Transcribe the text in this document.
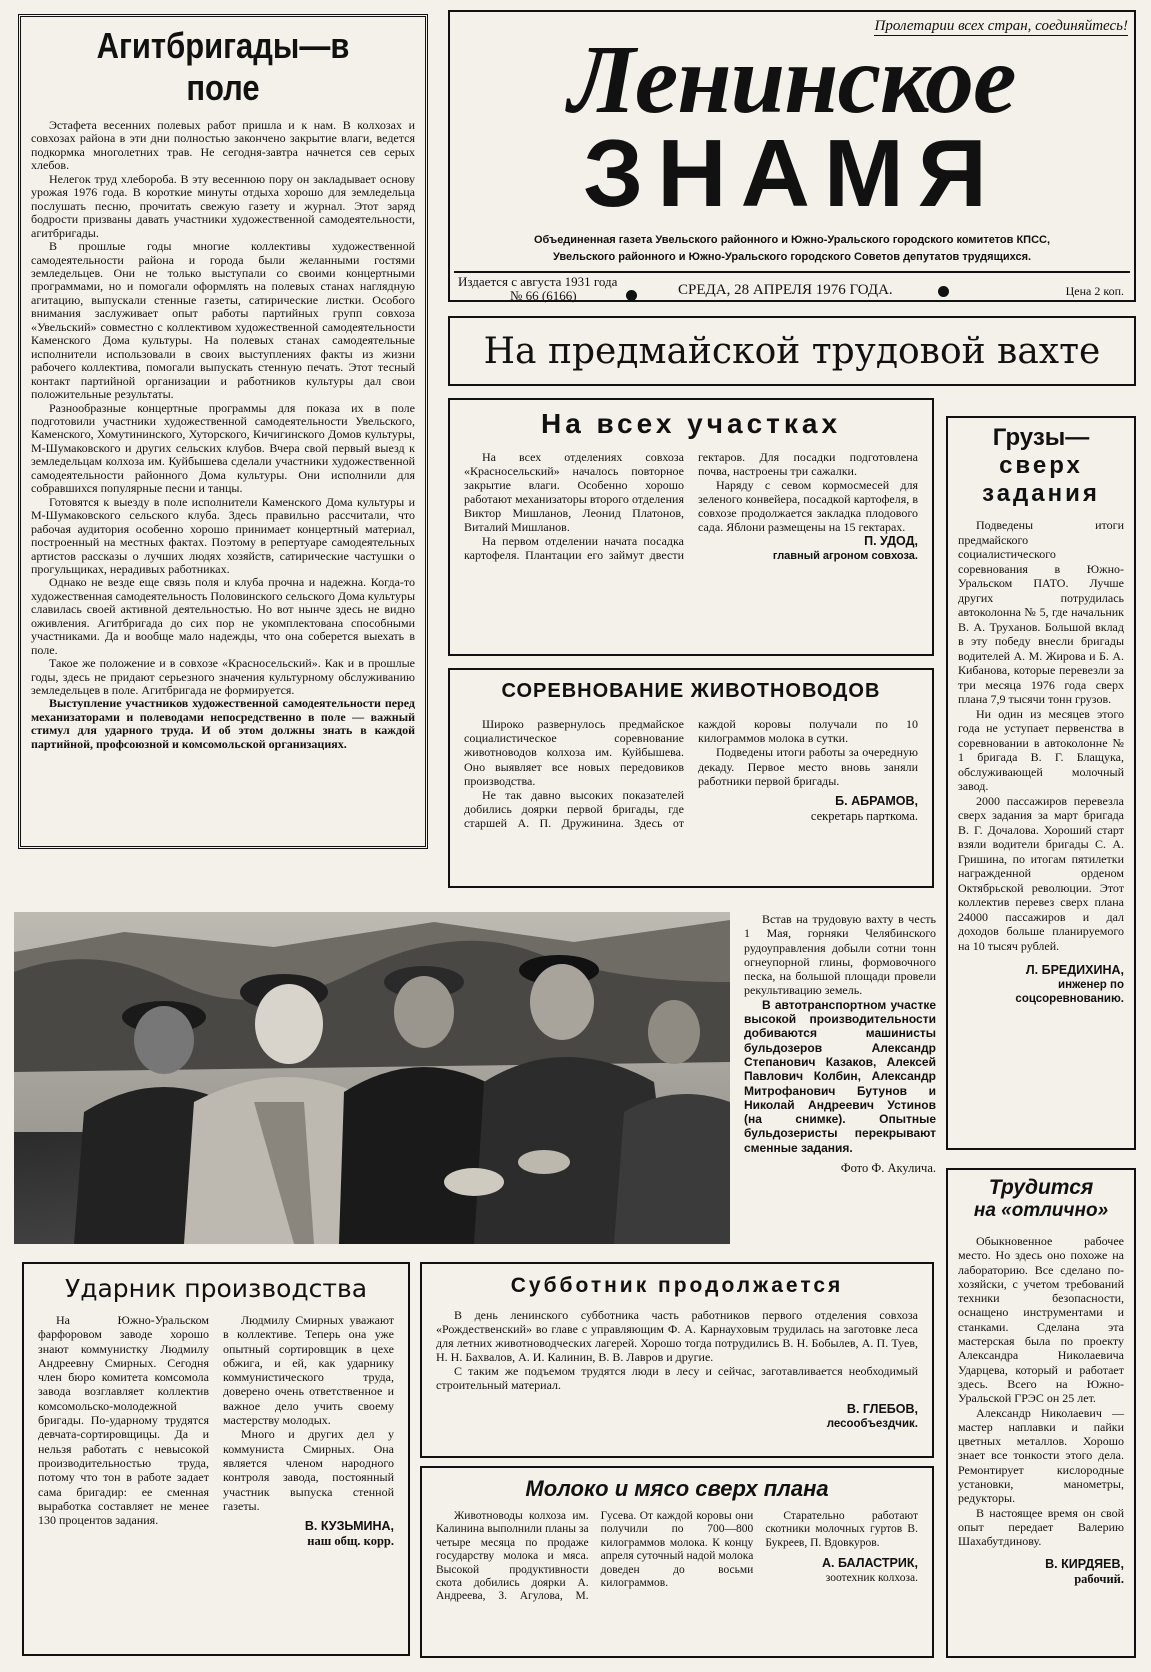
Агитбригады—в поле

Эстафета весенних полевых работ пришла и к нам. В колхозах и совхозах района в эти дни полностью закончено закрытие влаги, ведется подкормка многолетних трав. Не сегодня-завтра начнется сев серых хлебов.

Нелегок труд хлебороба. В эту весеннюю пору он закладывает основу урожая 1976 года. В короткие минуты отдыха хорошо для земледельца послушать песню, прочитать свежую газету и журнал. Этот заряд бодрости призваны давать участники художественной самодеятельности, агитбригады.

В прошлые годы многие коллективы художественной самодеятельности района и города были желанными гостями земледельцев. Они не только выступали со своими концертными программами, но и помогали оформлять на полевых станах наглядную агитацию, выпускали стенные газеты, сатирические листки. Особого внимания заслуживает опыт работы партийных групп совхоза «Увельский» совместно с коллективом художественной самодеятельности Каменского Дома культуры. На полевых станах самодеятельные исполнители использовали в своих выступлениях факты из жизни рабочего коллектива, помогали выпускать стенную печать. Этот тесный контакт партийной организации и работников культуры дал свои положительные результаты.

Разнообразные концертные программы для показа их в поле подготовили участники художественной самодеятельности Увельского, Каменского, Хомутининского, Хуторского, Кичигинского Домов культуры, М-Шумаковского и других сельских клубов. Вчера свой первый выезд к земледельцам колхоза им. Куйбышева сделали участники художественной самодеятельности районного Дома культуры. Они исполнили для собравшихся популярные песни и танцы.

Готовятся к выезду в поле исполнители Каменского Дома культуры и М-Шумаковского сельского клуба. Здесь правильно рассчитали, что рабочая аудитория особенно хорошо принимает концертный материал, построенный на местных фактах. Поэтому в репертуаре самодеятельных артистов рассказы о лучших людях хозяйств, сатирические частушки о прогульщиках, нерадивых работниках.

Однако не везде еще связь поля и клуба прочна и надежна. Когда-то художественная самодеятельность Половинского сельского Дома культуры славилась своей активной деятельностью. Но вот нынче здесь не видно оживления. Агитбригада до сих пор не укомплектована способными участниками. Да и вообще мало надежды, что она соберется выехать в поле.

Такое же положение и в совхозе «Красносельский». Как и в прошлые годы, здесь не придают серьезного значения культурному обслуживанию земледельцев в поле. Агитбригада не формируется.

Выступление участников художественной самодеятельности перед механизаторами и полеводами непосредственно в поле — важный стимул для ударного труда. И об этом должны знать в каждой партийной, профсоюзной и комсомольской организациях.

Пролетарии всех стран, соединяйтесь!
Ленинское
ЗНАМЯ
Объединенная газета Увельского районного и Южно-Уральского городского комитетов КПСС,
Увельского районного и Южно-Уральского городского Советов депутатов трудящихся.
Издается с августа 1931 года
№ 66 (6166)	СРЕДА, 28 АПРЕЛЯ 1976 ГОДА.	Цена 2 коп.
На предмайской трудовой вахте
На всех участках

На всех отделениях совхоза «Красносельский» началось повторное закрытие влаги. Особенно хорошо работают механизаторы второго отделения Виктор Мишланов, Леонид Платонов, Виталий Мишланов.

На первом отделении начата посадка картофеля. Плантации его займут двести гектаров. Для посадки подготовлена почва, настроены три сажалки.

Наряду с севом кормосмесей для зеленого конвейера, посадкой картофеля, в совхозе продолжается закладка плодового сада. Яблони размещены на 15 гектарах.

П. УДОД,
главный агроном совхоза.
СОРЕВНОВАНИЕ ЖИВОТНОВОДОВ

Широко развернулось предмайское социалистическое соревнование животноводов колхоза им. Куйбышева. Оно выявляет все новых передовиков производства.

Не так давно высоких показателей добились доярки первой бригады, где старшей А. П. Дружинина. Здесь от каждой коровы получали по 10 килограммов молока в сутки.

Подведены итоги работы за очередную декаду. Первое место вновь заняли работники первой бригады.

Б. АБРАМОВ,
секретарь парткома.
Грузы—
сверх
задания

Подведены итоги предмайского социалистического соревнования в Южно-Уральском ПАТО. Лучше других потрудилась автоколонна № 5, где начальник В. А. Труханов. Большой вклад в эту победу внесли бригады водителей А. М. Жирова и Б. А. Кибанова, которые перевезли за три месяца 1976 года сверх плана 7,9 тысячи тонн грузов.

Ни один из месяцев этого года не уступает первенства в соревновании в автоколонне № 1 бригада В. Г. Блащука, обслуживающей молочный завод.

2000 пассажиров перевезла сверх задания за март бригада В. Г. Дочалова. Хороший старт взяли водители бригады С. А. Гришина, по итогам пятилетки награжденной орденом Октябрьской революции. Этот коллектив перевез сверх плана 24000 пассажиров и дал доходов больше планируемого на 10 тысяч рублей.

Л. БРЕДИХИНА,
инженер по соцсоревнованию.

Встав на трудовую вахту в честь 1 Мая, горняки Челябинского рудоуправления добыли сотни тонн огнеупорной глины, формовочного песка, на большой площади провели рекультивацию земель.

В автотранспортном участке высокой производительности добиваются машинисты бульдозеров Александр Степанович Казаков, Алексей Павлович Колбин, Александр Митрофанович Бутунов и Николай Андреевич Устинов (на снимке). Опытные бульдозеристы перекрывают сменные задания.

Фото Ф. Акулича.
Ударник производства

На Южно-Уральском фарфоровом заводе хорошо знают коммунистку Людмилу Андреевну Смирных. Сегодня член бюро комитета комсомола завода возглавляет коллектив комсомольско-молодежной бригады. По-ударному трудятся девчата-сортировщицы. Да и нельзя работать с невысокой производительностью труда, потому что тон в работе задает сама бригадир: ее сменная выработка составляет не менее 130 процентов задания.

Людмилу Смирных уважают в коллективе. Теперь она уже опытный сортировщик в цехе обжига, и ей, как ударнику коммунистического труда, доверено очень ответственное и важное дело учить своему мастерству молодых.

Много и других дел у коммуниста Смирных. Она является членом народного контроля завода, постоянный участник выпуска стенной газеты.

В. КУЗЬМИНА,
наш общ. корр.
Субботник продолжается

В день ленинского субботника часть работников первого отделения совхоза «Рождественский» во главе с управляющим Ф. А. Карнауховым трудилась на заготовке леса для летних животноводческих лагерей. Хорошо тогда потрудились В. Н. Бобылев, А. П. Туев, Н. Н. Бахвалов, А. И. Калинин, В. В. Лавров и другие.

С таким же подъемом трудятся люди в лесу и сейчас, заготавливается необходимый строительный материал.

В. ГЛЕБОВ,
лесообъездчик.
Молоко и мясо сверх плана

Животноводы колхоза им. Калинина выполнили планы за четыре месяца по продаже государству молока и мяса. Высокой продуктивности скота добились доярки А. Андреева, З. Агулова, М. Гусева. От каждой коровы они получили по 700—800 килограммов молока. К концу апреля суточный надой молока доведен до восьми килограммов.

Старательно работают скотники молочных гуртов В. Букреев, П. Вдовкуров.

А. БАЛАСТРИК,
зоотехник колхоза.
Трудится
на «отлично»

Обыкновенное рабочее место. Но здесь оно похоже на лабораторию. Все сделано по-хозяйски, с учетом требований техники безопасности, оснащено инструментами и станками. Сделана эта мастерская была по проекту Александра Николаевича Ударцева, который и работает здесь. Всего на Южно-Уральской ГРЭС он 25 лет.

Александр Николаевич — мастер наплавки и пайки цветных металлов. Хорошо знает все тонкости этого дела. Ремонтирует кислородные установки, манометры, редукторы.

В настоящее время он свой опыт передает Валерию Шахабутдинову.

В. КИРДЯЕВ,
рабочий.
